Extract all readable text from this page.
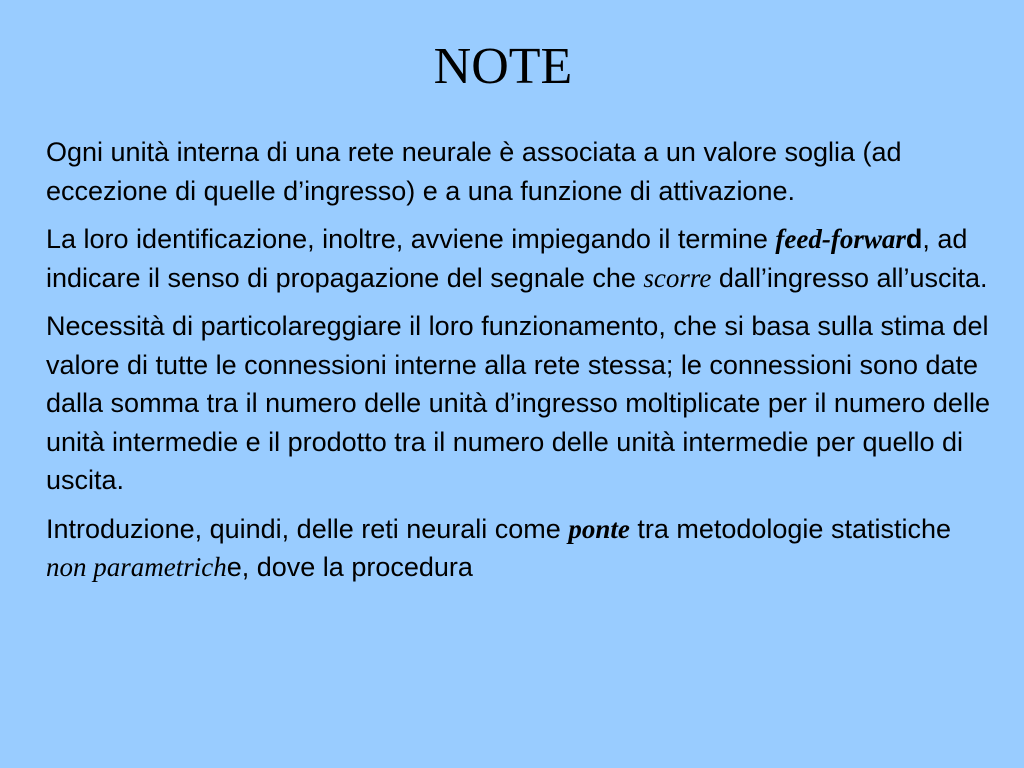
NOTE

Ogni unità interna di una rete neurale è associata a un valore soglia (ad eccezione di quelle d’ingresso) e a una funzione di attivazione.

La loro identificazione, inoltre, avviene impiegando il termine feed-forward, ad indicare il senso di propagazione del segnale che scorre dall’ingresso all’uscita.

Necessità di particolareggiare il loro funzionamento, che si basa sulla stima del valore di tutte le connessioni interne alla rete stessa; le connessioni sono date dalla somma tra il numero delle unità d’ingresso moltiplicate per il numero delle unità intermedie e il prodotto tra il numero delle unità intermedie per quello di uscita.

Introduzione, quindi, delle reti neurali come ponte tra metodologie statistiche non parametriche, dove la procedura
